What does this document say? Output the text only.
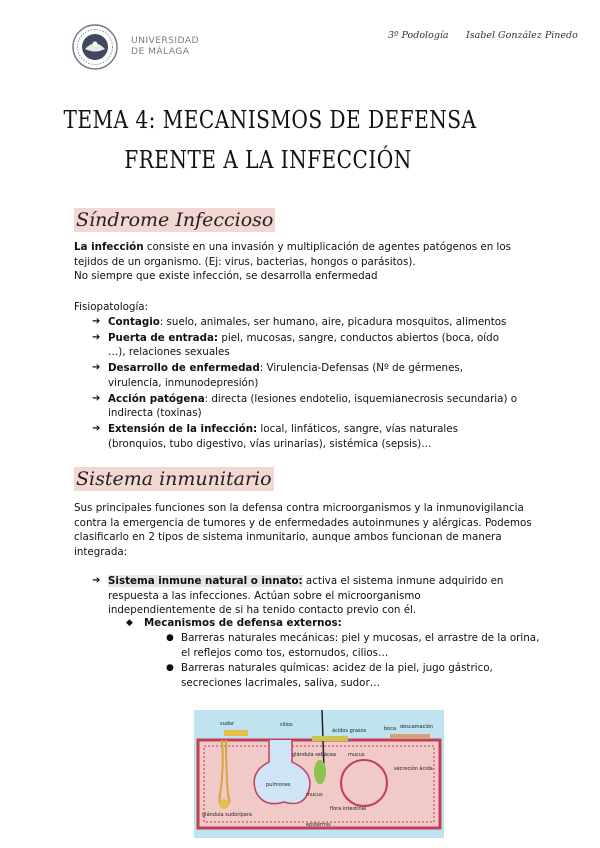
UNIVERSIDAD
DE MÁLAGA
3º Podología Isabel González Pinedo
TEMA 4: MECANISMOS DE DEFENSA
FRENTE A LA INFECCIÓN
Síndrome Infeccioso
La infección consiste en una invasión y multiplicación de agentes patógenos en los tejidos de un organismo. (Ej: virus, bacterias, hongos o parásitos).
No siempre que existe infección, se desarrolla enfermedad
Fisiopatología:
➔ Contagio: suelo, animales, ser humano, aire, picadura mosquitos, alimentos
➔ Puerta de entrada: piel, mucosas, sangre, conductos abiertos (boca, oído …), relaciones sexuales
➔ Desarrollo de enfermedad: Virulencia-Defensas (Nº de gérmenes, virulencia, inmunodepresión)
➔ Acción patógena: directa (lesiones endotelio, isquemianecrosis secundaria) o indirecta (toxinas)
➔ Extensión de la infección: local, linfáticos, sangre, vías naturales (bronquios, tubo digestivo, vías urinarias), sistémica (sepsis)…
Sistema inmunitario
Sus principales funciones son la defensa contra microorganismos y la inmunovigilancia contra la emergencia de tumores y de enfermedades autoinmunes y alérgicas. Podemos clasificarlo en 2 tipos de sistema inmunitario, aunque ambos funcionan de manera integrada:
➔ Sistema inmune natural o innato: activa el sistema inmune adquirido en respuesta a las infecciones. Actúan sobre el microorganismo independientemente de si ha tenido contacto previo con él.
◆ Mecanismos de defensa externos:
● Barreras naturales mecánicas: piel y mucosas, el arrastre de la orina, el reflejos como tos, estornudos, cilios…
● Barreras naturales químicas: acidez de la piel, jugo gástrico, secreciones lacrimales, saliva, sudor…
sudor	cilios
ácidos grasos	boca descamación
glándula sebácea mucus
secreción ácida
pulmones
glándula sudorípara
mucus
flora intestinal
epidermis
